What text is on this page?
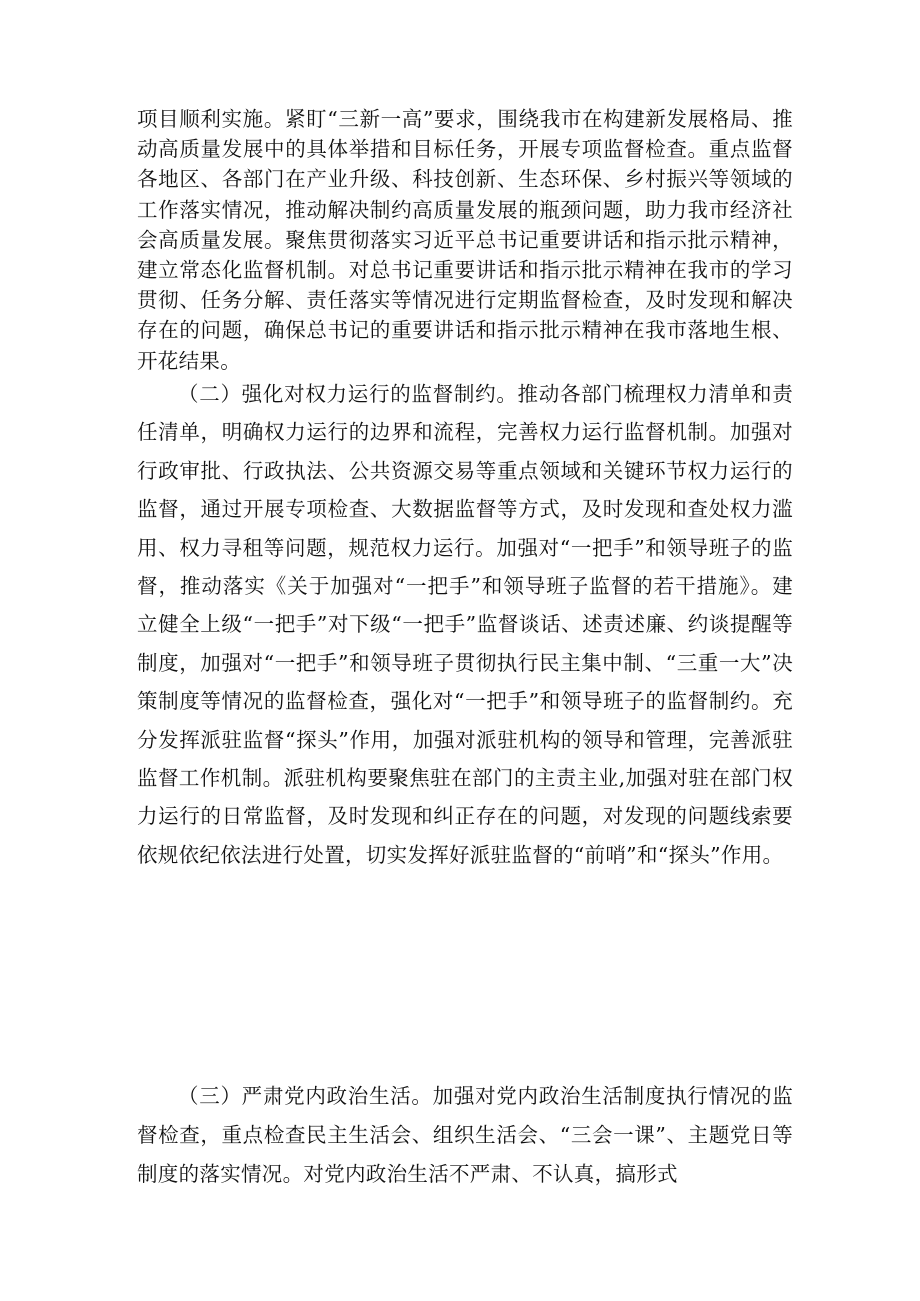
项目顺利实施。紧盯“三新一高”要求，围绕我市在构建新发展格局、推动高质量发展中的具体举措和目标任务，开展专项监督检查。重点监督各地区、各部门在产业升级、科技创新、生态环保、乡村振兴等领域的工作落实情况，推动解决制约高质量发展的瓶颈问题，助力我市经济社会高质量发展。聚焦贯彻落实习近平总书记重要讲话和指示批示精神，建立常态化监督机制。对总书记重要讲话和指示批示精神在我市的学习贯彻、任务分解、责任落实等情况进行定期监督检查，及时发现和解决存在的问题，确保总书记的重要讲话和指示批示精神在我市落地生根、开花结果。

（二）强化对权力运行的监督制约。推动各部门梳理权力清单和责任清单，明确权力运行的边界和流程，完善权力运行监督机制。加强对行政审批、行政执法、公共资源交易等重点领域和关键环节权力运行的监督，通过开展专项检查、大数据监督等方式，及时发现和查处权力滥用、权力寻租等问题，规范权力运行。加强对“一把手”和领导班子的监督，推动落实《关于加强对“一把手”和领导班子监督的若干措施》。建立健全上级“一把手”对下级“一把手”监督谈话、述责述廉、约谈提醒等制度，加强对“一把手”和领导班子贯彻执行民主集中制、“三重一大”决策制度等情况的监督检查，强化对“一把手”和领导班子的监督制约。充分发挥派驻监督“探头”作用，加强对派驻机构的领导和管理，完善派驻监督工作机制。派驻机构要聚焦驻在部门的主责主业,加强对驻在部门权力运行的日常监督，及时发现和纠正存在的问题，对发现的问题线索要依规依纪依法进行处置，切实发挥好派驻监督的“前哨”和“探头”作用。

（三）严肃党内政治生活。加强对党内政治生活制度执行情况的监督检查，重点检查民主生活会、组织生活会、“三会一课”、主题党日等制度的落实情况。对党内政治生活不严肃、不认真，搞形式
